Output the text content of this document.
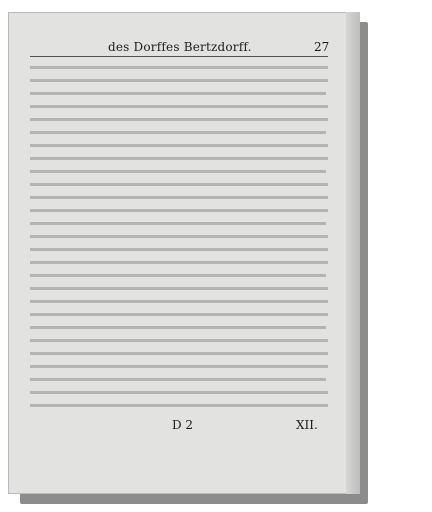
des Dorffes Bertzdorff.	27
D 2	XII.
